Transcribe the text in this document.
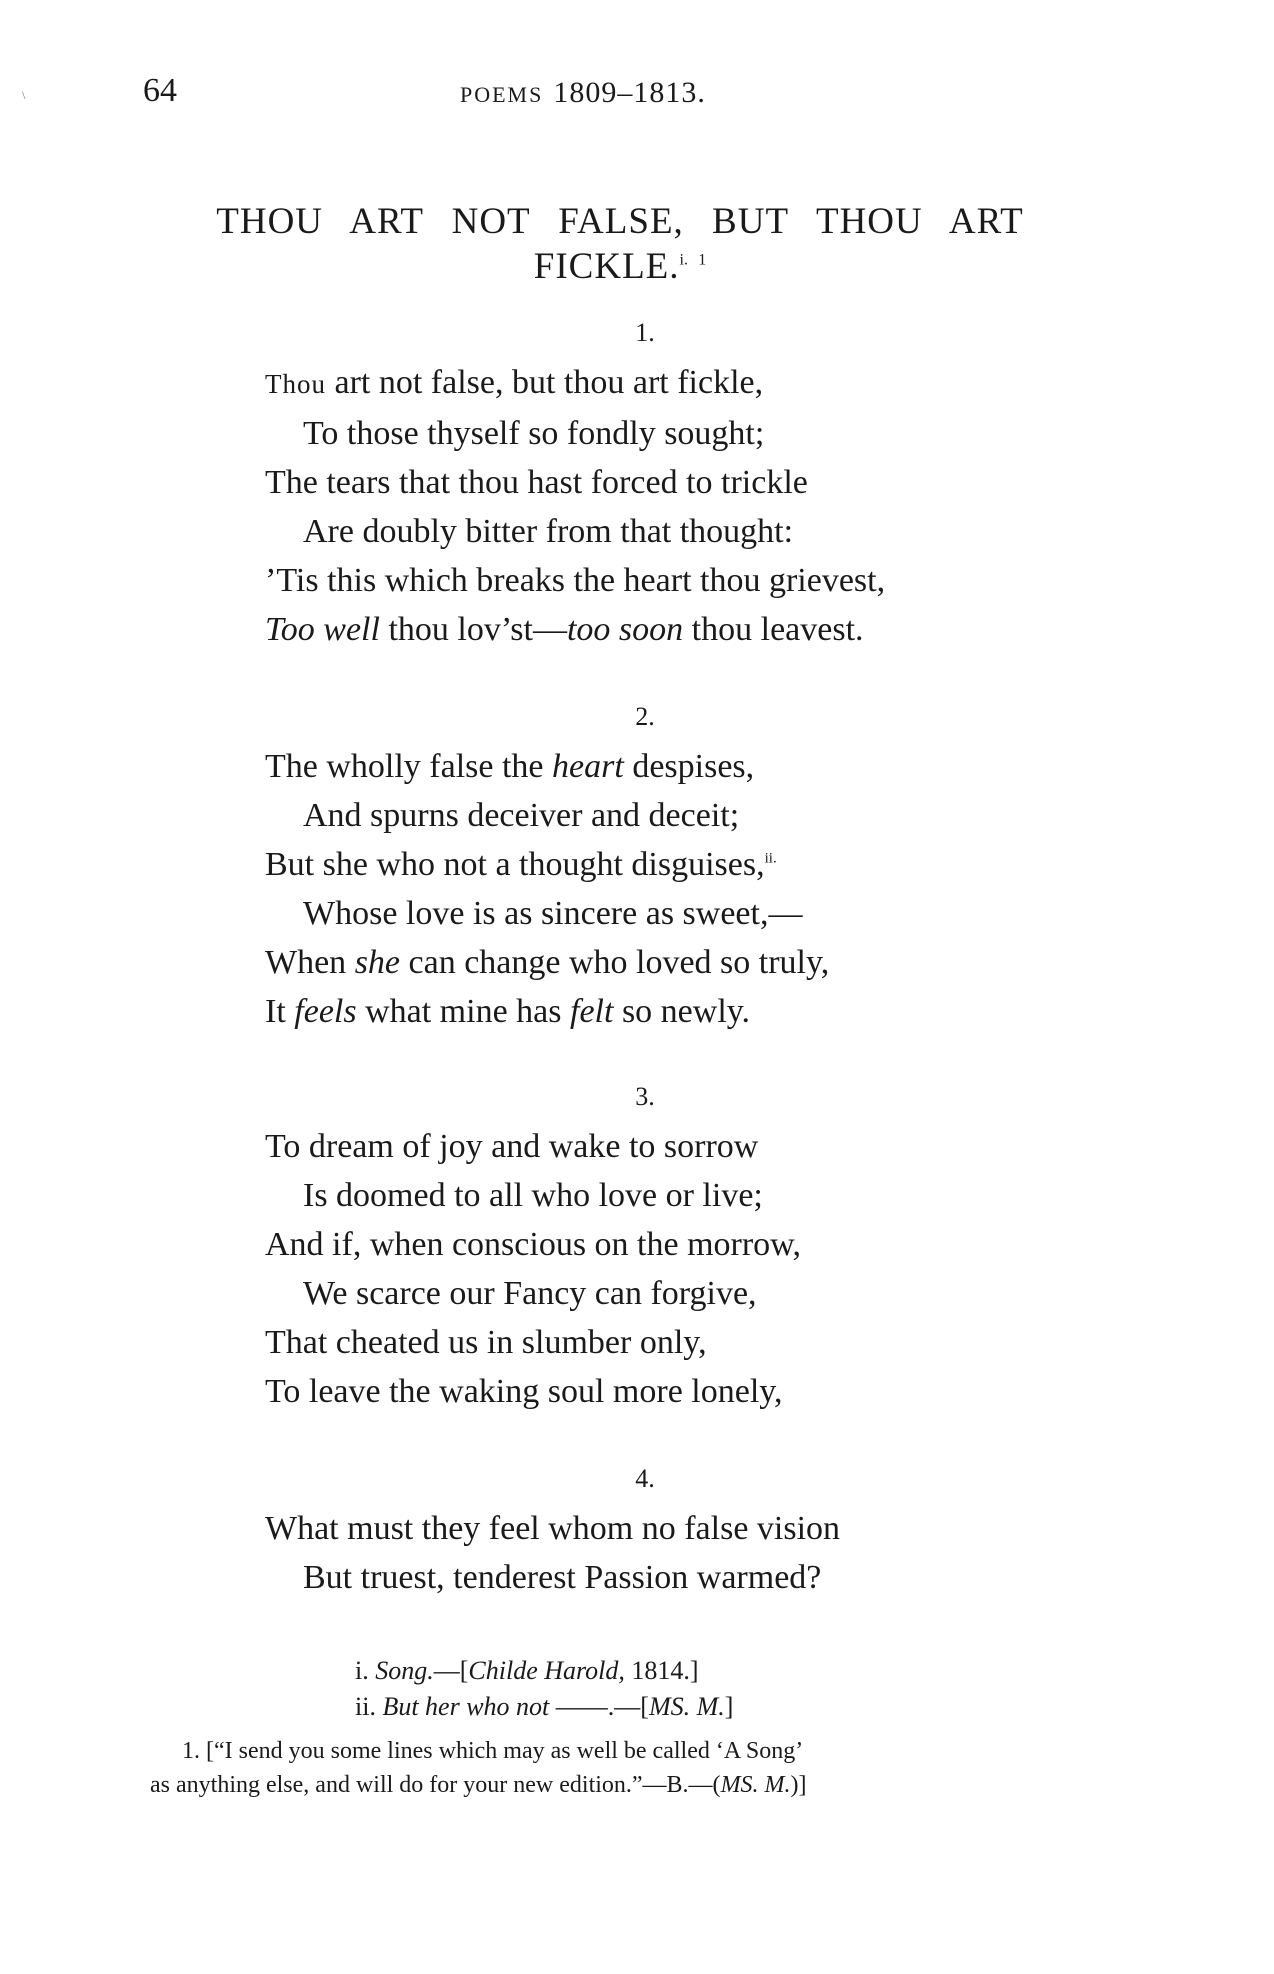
\	64	POEMS 1809–1813.
THOU ART NOT FALSE, BUT THOU ART
FICKLE.$^{i.}$ $^1$
1.
Thou art not false, but thou art fickle,
To those thyself so fondly sought;
The tears that thou hast forced to trickle
Are doubly bitter from that thought:
’Tis this which breaks the heart thou grievest,
Too well thou lov’st—too soon thou leavest.
2.
The wholly false the heart despises,
And spurns deceiver and deceit;
But she who not a thought disguises,$^{ii.}$
Whose love is as sincere as sweet,—
When she can change who loved so truly,
It feels what mine has felt so newly.
3.
To dream of joy and wake to sorrow
Is doomed to all who love or live;
And if, when conscious on the morrow,
We scarce our Fancy can forgive,
That cheated us in slumber only,
To leave the waking soul more lonely,
4.
What must they feel whom no false vision
But truest, tenderest Passion warmed?
i. Song.—[Childe Harold, 1814.]
ii. But her who not ——.—[MS. M.]
1. [“I send you some lines which may as well be called ‘A Song’
as anything else, and will do for your new edition.”—B.—(MS. M.)]
